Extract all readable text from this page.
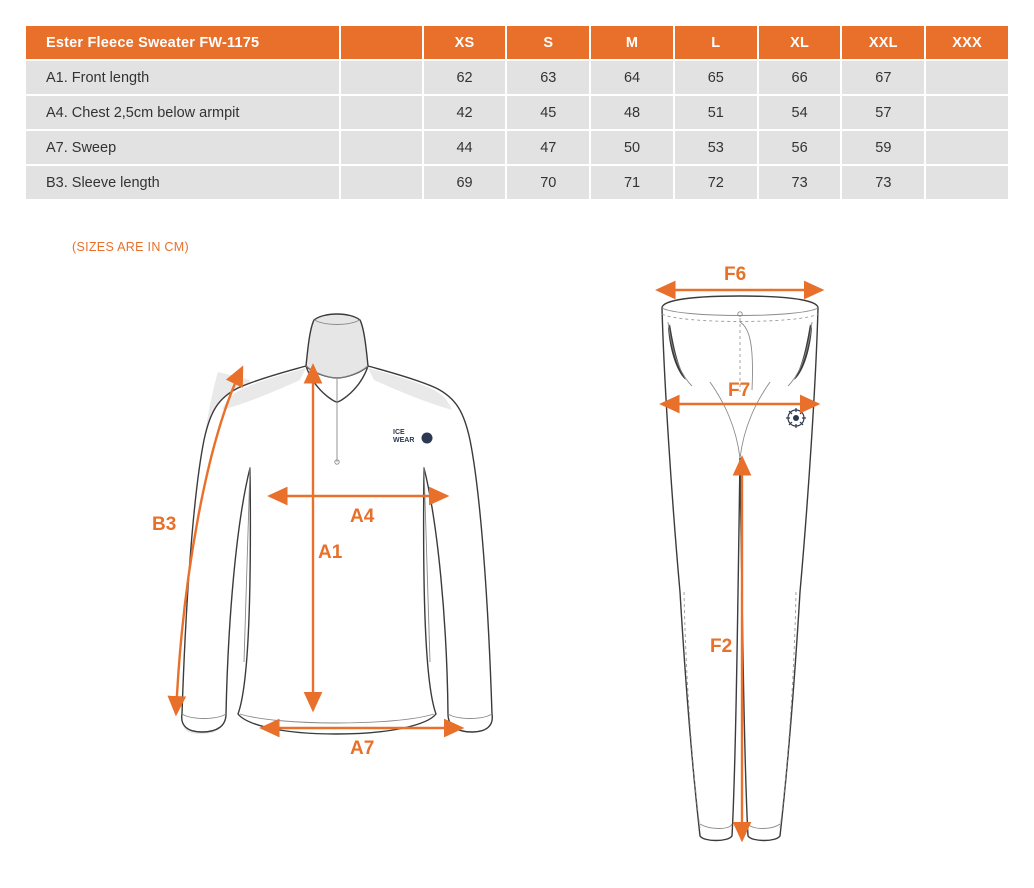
Ester Fleece Sweater FW-1175		XS	S	M	L	XL	XXL	XXX
A1. Front length		62	63	64	65	66	67	
A4. Chest 2,5cm below armpit		42	45	48	51	54	57	
A7. Sweep		44	47	50	53	56	59	
B3. Sleeve length		69	70	71	72	73	73	
(SIZES ARE IN CM)
ICE
WEAR
B3	A4
A1
A7
F6
F7
F2
